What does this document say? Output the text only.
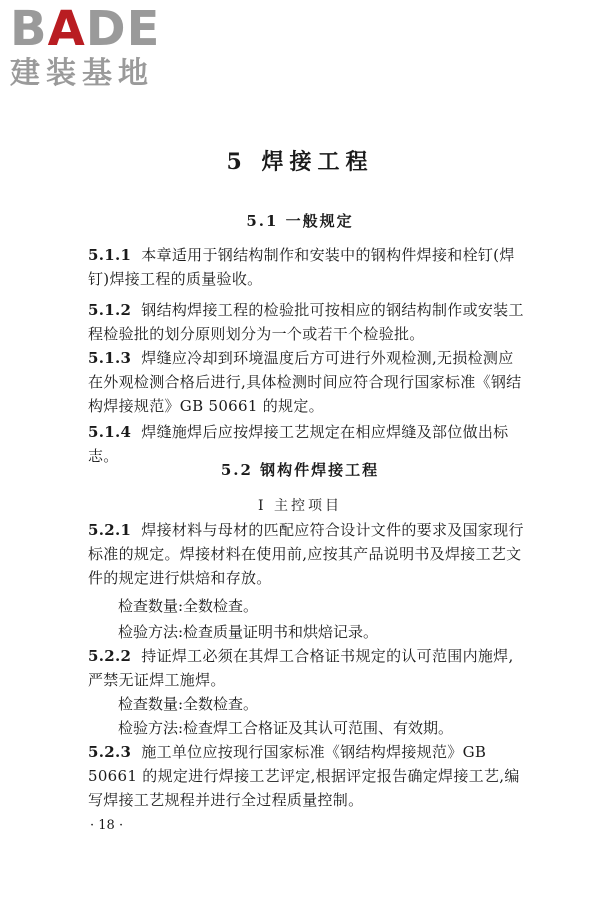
BADE
建装基地
5 焊接工程
5.1 一般规定
5.1.1 本章适用于钢结构制作和安装中的钢构件焊接和栓钉(焊钉)焊接工程的质量验收。
5.1.2 钢结构焊接工程的检验批可按相应的钢结构制作或安装工程检验批的划分原则划分为一个或若干个检验批。
5.1.3 焊缝应冷却到环境温度后方可进行外观检测,无损检测应在外观检测合格后进行,具体检测时间应符合现行国家标准《钢结构焊接规范》GB 50661 的规定。
5.1.4 焊缝施焊后应按焊接工艺规定在相应焊缝及部位做出标志。
5.2 钢构件焊接工程
Ⅰ 主控项目
5.2.1 焊接材料与母材的匹配应符合设计文件的要求及国家现行标准的规定。焊接材料在使用前,应按其产品说明书及焊接工艺文件的规定进行烘焙和存放。
检查数量:全数检查。
检验方法:检查质量证明书和烘焙记录。
5.2.2 持证焊工必须在其焊工合格证书规定的认可范围内施焊,严禁无证焊工施焊。
检查数量:全数检查。
检验方法:检查焊工合格证及其认可范围、有效期。
5.2.3 施工单位应按现行国家标准《钢结构焊接规范》GB 50661 的规定进行焊接工艺评定,根据评定报告确定焊接工艺,编写焊接工艺规程并进行全过程质量控制。
· 18 ·
